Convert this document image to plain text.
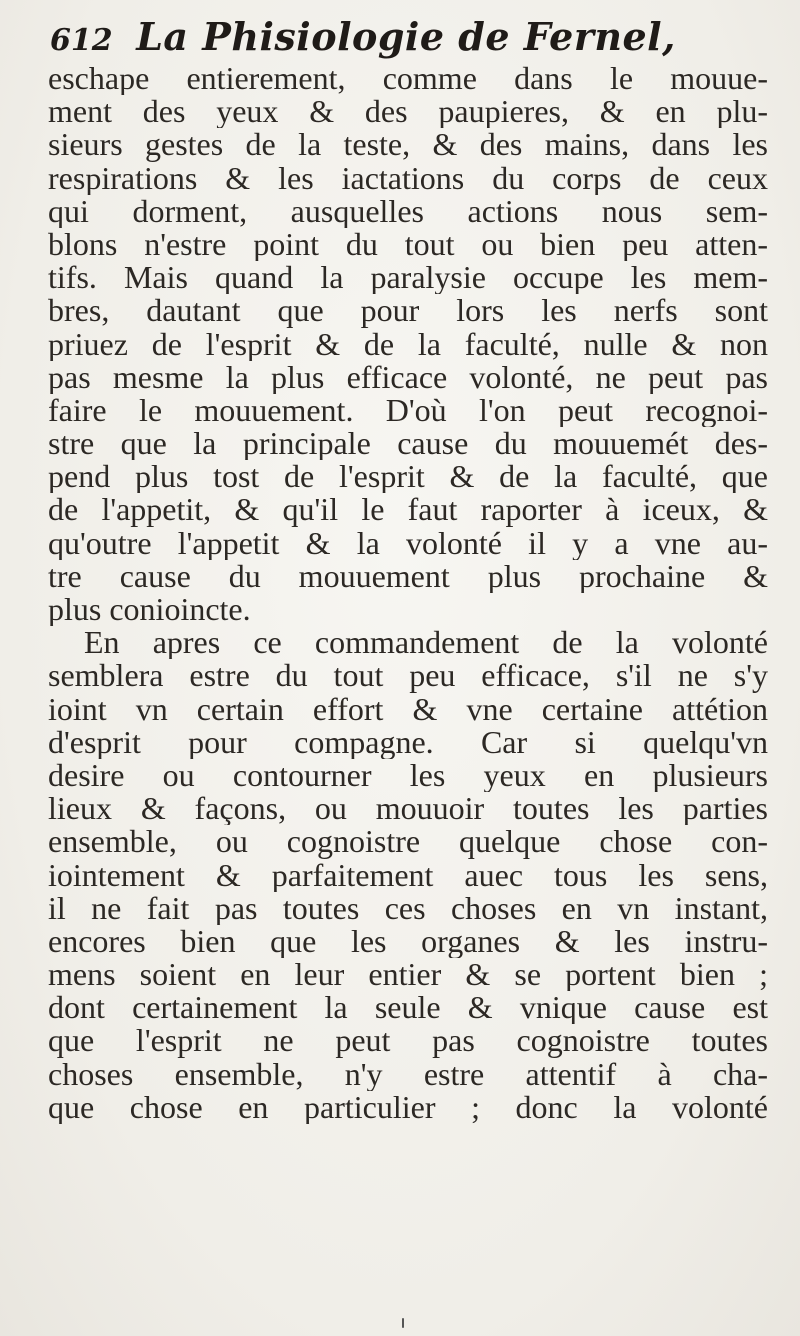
612 La Phisiologie de Fernel,
eschape entierement, comme dans le mouue-
ment des yeux & des paupieres, & en plu-
sieurs gestes de la teste, & des mains, dans les
respirations & les iactations du corps de ceux
qui dorment, ausquelles actions nous sem-
blons n'estre point du tout ou bien peu atten-
tifs. Mais quand la paralysie occupe les mem-
bres, dautant que pour lors les nerfs sont
priuez de l'esprit & de la faculté, nulle & non
pas mesme la plus efficace volonté, ne peut pas
faire le mouuement. D'où l'on peut recognoi-
stre que la principale cause du mouuemét des-
pend plus tost de l'esprit & de la faculté, que
de l'appetit, & qu'il le faut raporter à iceux, &
qu'outre l'appetit & la volonté il y a vne au-
tre cause du mouuement plus prochaine &
plus conioincte.
En apres ce commandement de la volonté
semblera estre du tout peu efficace, s'il ne s'y
ioint vn certain effort & vne certaine attétion
d'esprit pour compagne. Car si quelqu'vn
desire ou contourner les yeux en plusieurs
lieux & façons, ou mouuoir toutes les parties
ensemble, ou cognoistre quelque chose con-
iointement & parfaitement auec tous les sens,
il ne fait pas toutes ces choses en vn instant,
encores bien que les organes & les instru-
mens soient en leur entier & se portent bien ;
dont certainement la seule & vnique cause est
que l'esprit ne peut pas cognoistre toutes
choses ensemble, n'y estre attentif à cha-
que chose en particulier ; donc la volonté
